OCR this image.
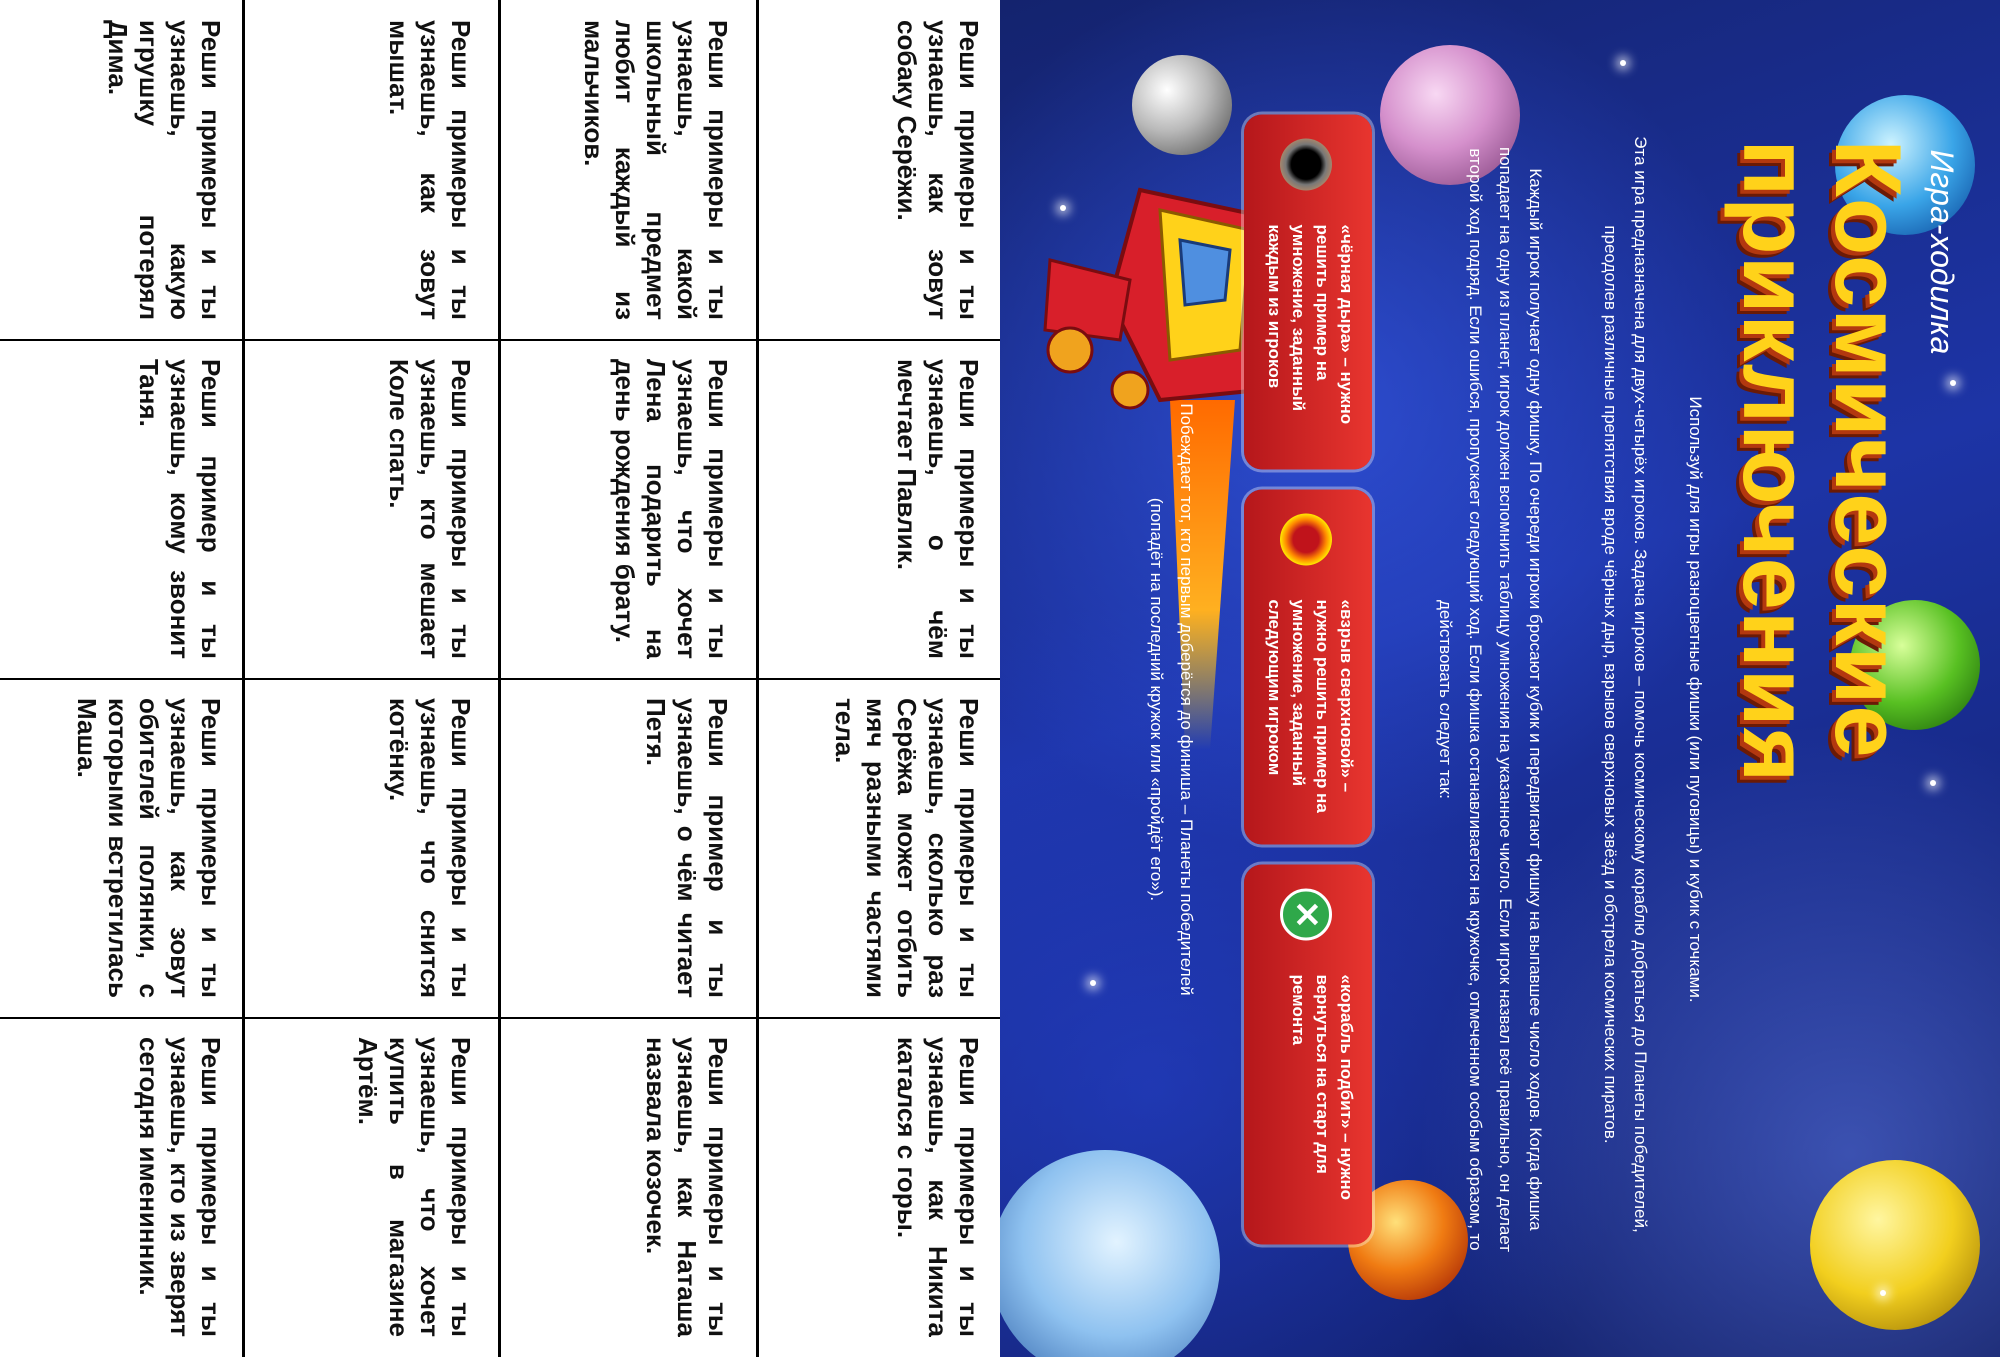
Реши примеры и ты узнаешь, как зовут собаку Серёжи.
Реши примеры и ты узнаешь, о чём мечтает Павлик.
Реши примеры и ты узнаешь, сколько раз Серёжа может отбить мяч разными частями тела.
Реши примеры и ты узнаешь, как Никита катался с горы.
Реши примеры и ты узнаешь, какой школьный предмет любит каждый из мальчиков.
Реши примеры и ты узнаешь, что хочет Лена подарить на день рождения брату.
Реши пример и ты узнаешь, о чём читает Петя.
Реши примеры и ты узнаешь, как Наташа назвала козочек.
Реши примеры и ты узнаешь, как зовут мышат.
Реши примеры и ты узнаешь, кто мешает Коле спать.
Реши примеры и ты узнаешь, что снится котёнку.
Реши примеры и ты узнаешь, что хочет купить в магазине Артём.
Реши примеры и ты узнаешь, какую игрушку потерял Дима.
Реши пример и ты узнаешь, кому звонит Таня.
Реши примеры и ты узнаешь, как зовут обителей полянки, с которыми встретилась Маша.
Реши примеры и ты узнаешь, кто из зверят сегодня именинник.
Игра-ходилка
Космические
приключения
Используй для игры разноцветные фишки (или пуговицы) и кубик с точками.
Эта игра предназначена для двух-четырёх игроков. Задача игроков – помочь космическому кораблю добраться до Планеты победителей, преодолев различные препятствия вроде чёрных дыр, взрывов сверхновых звёзд и обстрела космических пиратов.
Каждый игрок получает одну фишку. По очереди игроки бросают кубик и передвигают фишку на выпавшее число ходов. Когда фишка попадает на одну из планет, игрок должен вспомнить таблицу умножения на указанное число. Если игрок назвал всё правильно, он делает второй ход подряд. Если ошибся, пропускает следующий ход. Если фишка останавливается на кружочке, отмеченном особым образом, то действовать следует так:
«чёрная дыра» – нужно решить пример на умножение, заданный каждым из игроков
«взрыв сверхновой» – нужно решить пример на умножение, заданный следующим игроком
✕
«корабль подбит» – нужно вернуться на старт для ремонта
Побеждает тот, кто первым доберётся до финиша – Планеты победителей
(попадёт на последний кружок или «пройдёт его»).
